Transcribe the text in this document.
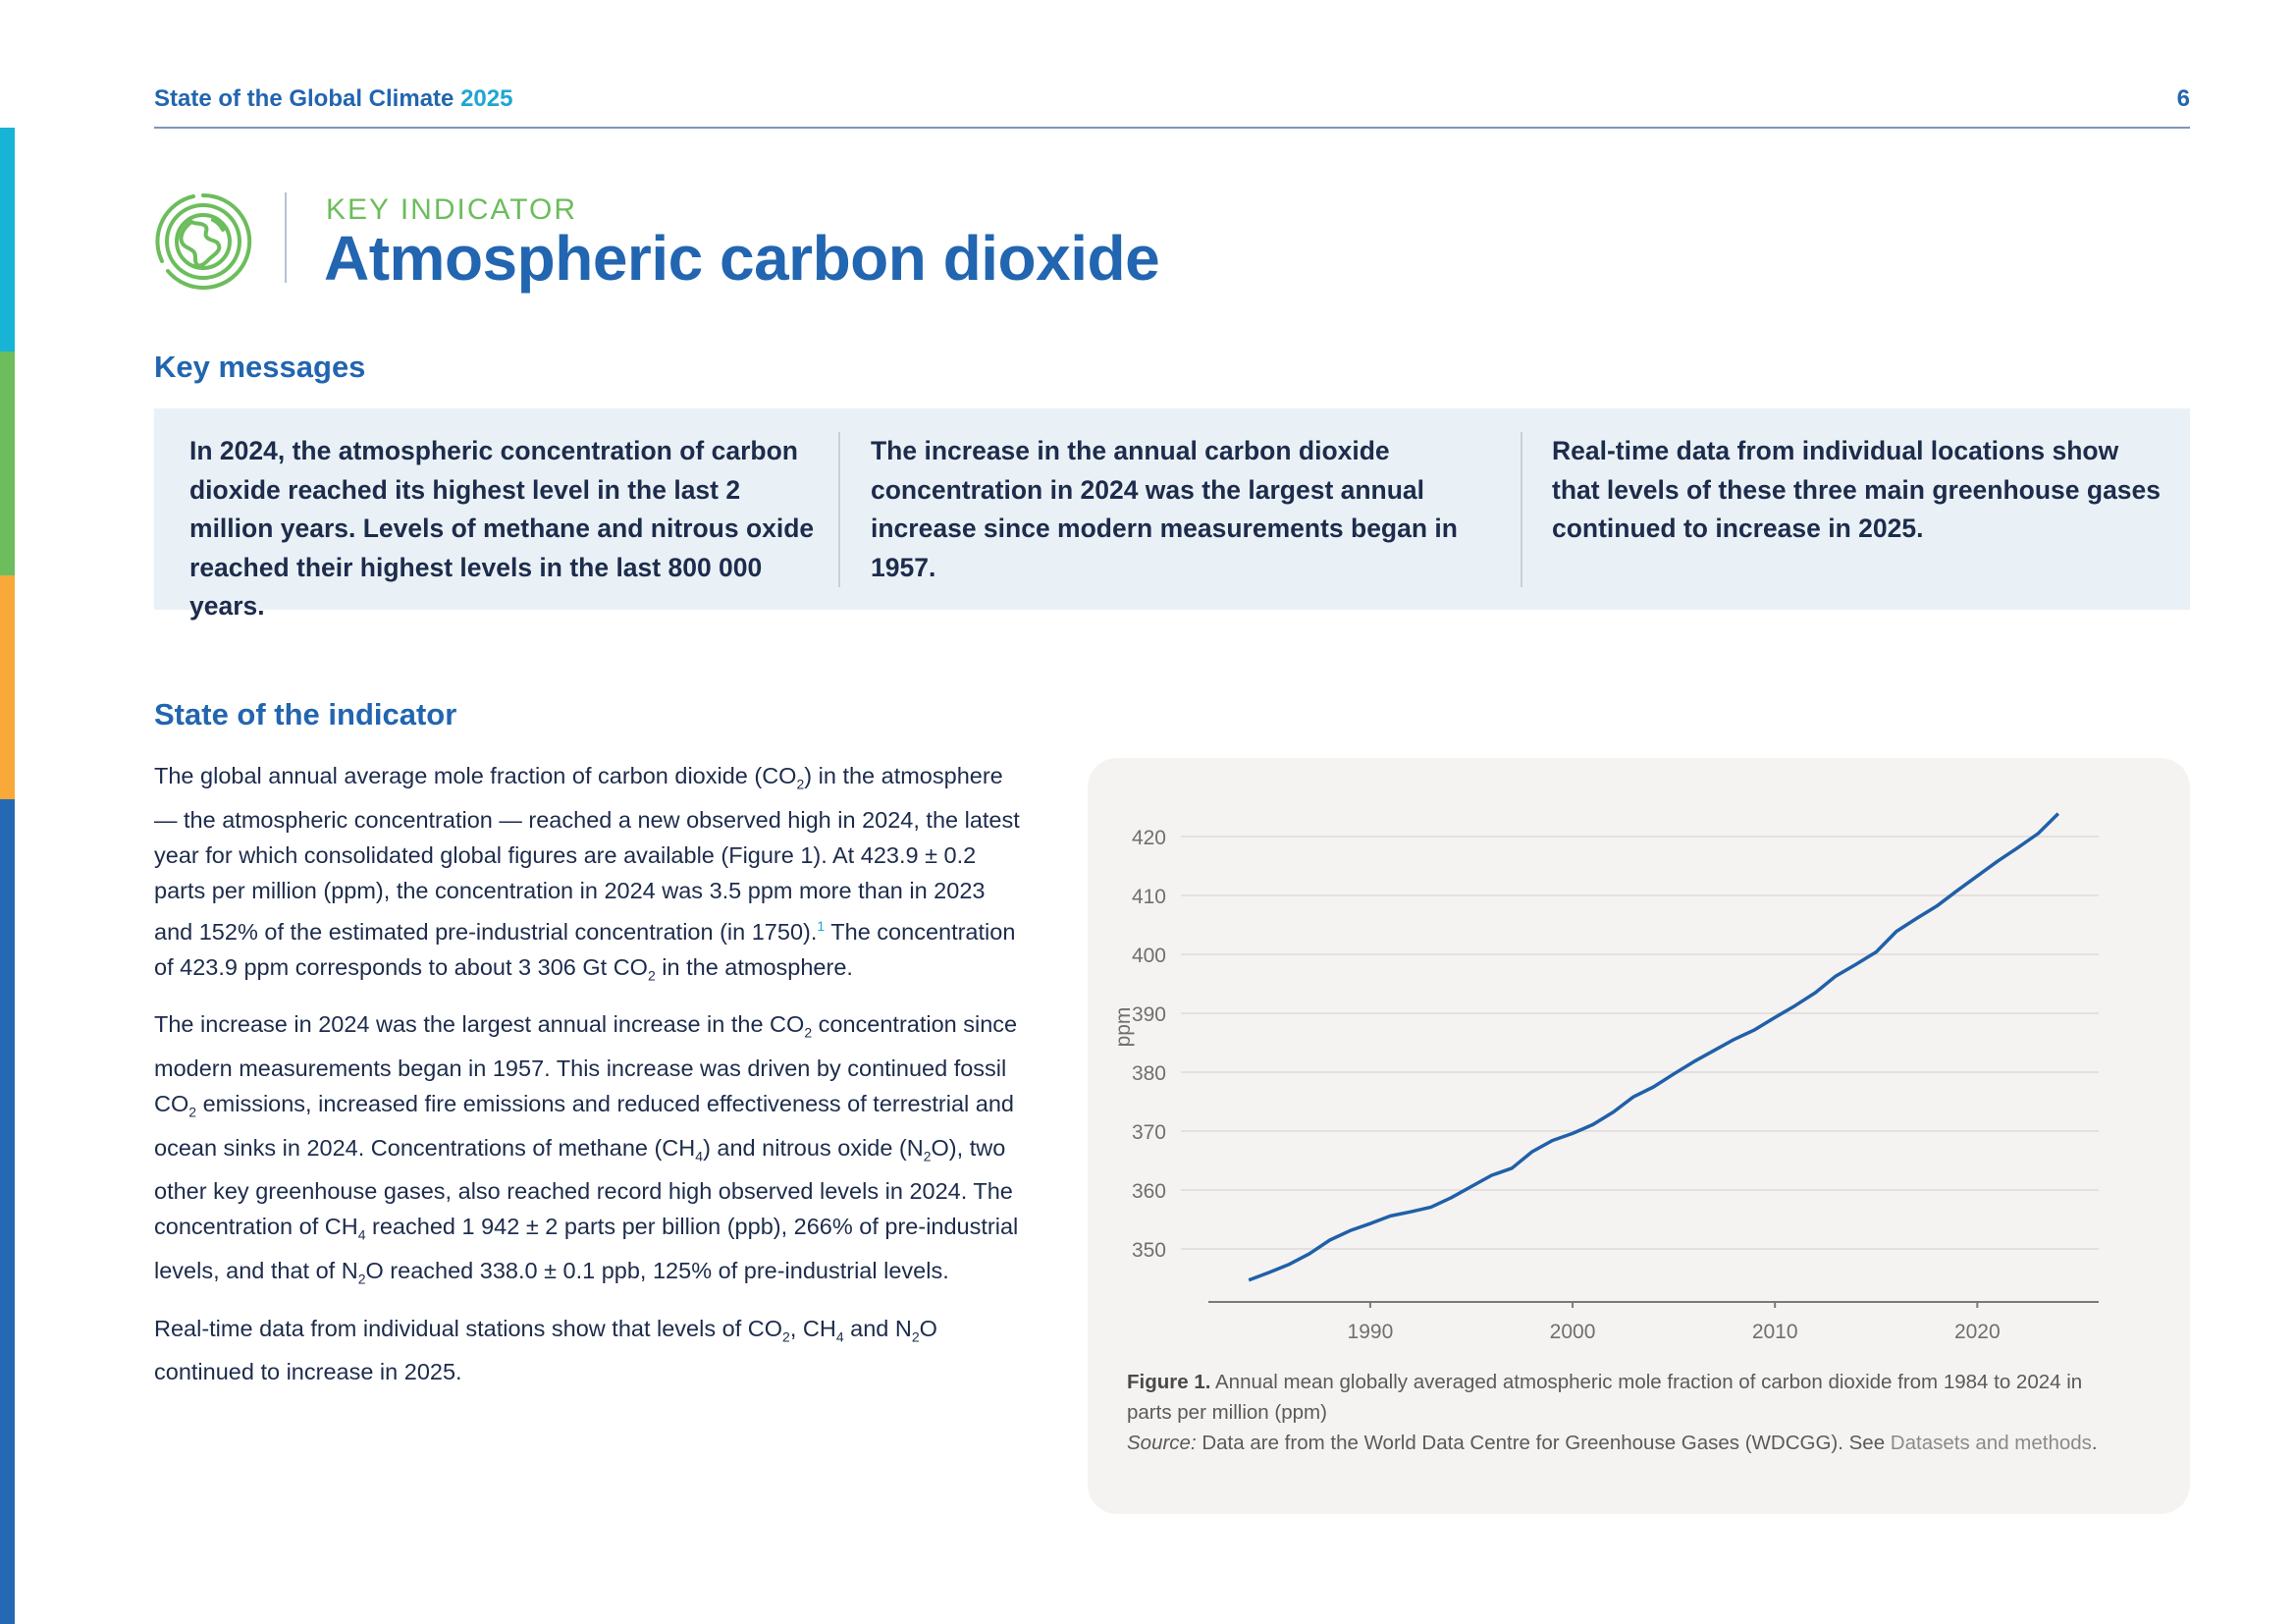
State of the Global Climate 2025	6
KEY INDICATOR
Atmospheric carbon dioxide
Key messages
In 2024, the atmospheric concentration of carbon dioxide reached its highest level in the last 2 million years. Levels of methane and nitrous oxide reached their highest levels in the last 800 000 years.
The increase in the annual carbon dioxide concentration in 2024 was the largest annual increase since modern measurements began in 1957.
Real-time data from individual locations show that levels of these three main greenhouse gases continued to increase in 2025.
State of the indicator

The global annual average mole fraction of carbon dioxide $(CO_2)$ in the atmosphere — the atmospheric concentration — reached a new observed high in 2024, the latest year for which consolidated global figures are available (Figure 1). At 423.9 ± 0.2 parts per million (ppm), the concentration in 2024 was 3.5 ppm more than in 2023 and 152% of the estimated pre-industrial concentration (in 1750).$^1$ The concentration of 423.9 ppm corresponds to about 3 306 Gt $CO_2$ in the atmosphere.

The increase in 2024 was the largest annual increase in the $CO_2$ concentration since modern measurements began in 1957. This increase was driven by continued fossil $CO_2$ emissions, increased fire emissions and reduced effectiveness of terrestrial and ocean sinks in 2024. Concentrations of methane $(CH_4)$ and nitrous oxide $(N_2O)$, two other key greenhouse gases, also reached record high observed levels in 2024. The concentration of $CH_4$ reached 1 942 ± 2 parts per billion (ppb), 266% of pre-industrial levels, and that of $N_2O$ reached 338.0 ± 0.1 ppb, 125% of pre-industrial levels.

Real-time data from individual stations show that levels of $CO_2$, $CH_4$ and $N_2O$ continued to increase in 2025.

350
360
370
380
390
400
410
420
1990	2000	2010	2020
ppm
Figure 1. Annual mean globally averaged atmospheric mole fraction of carbon dioxide from 1984 to 2024 in parts per million (ppm)
Source: Data are from the World Data Centre for Greenhouse Gases (WDCGG). See Datasets and methods.
